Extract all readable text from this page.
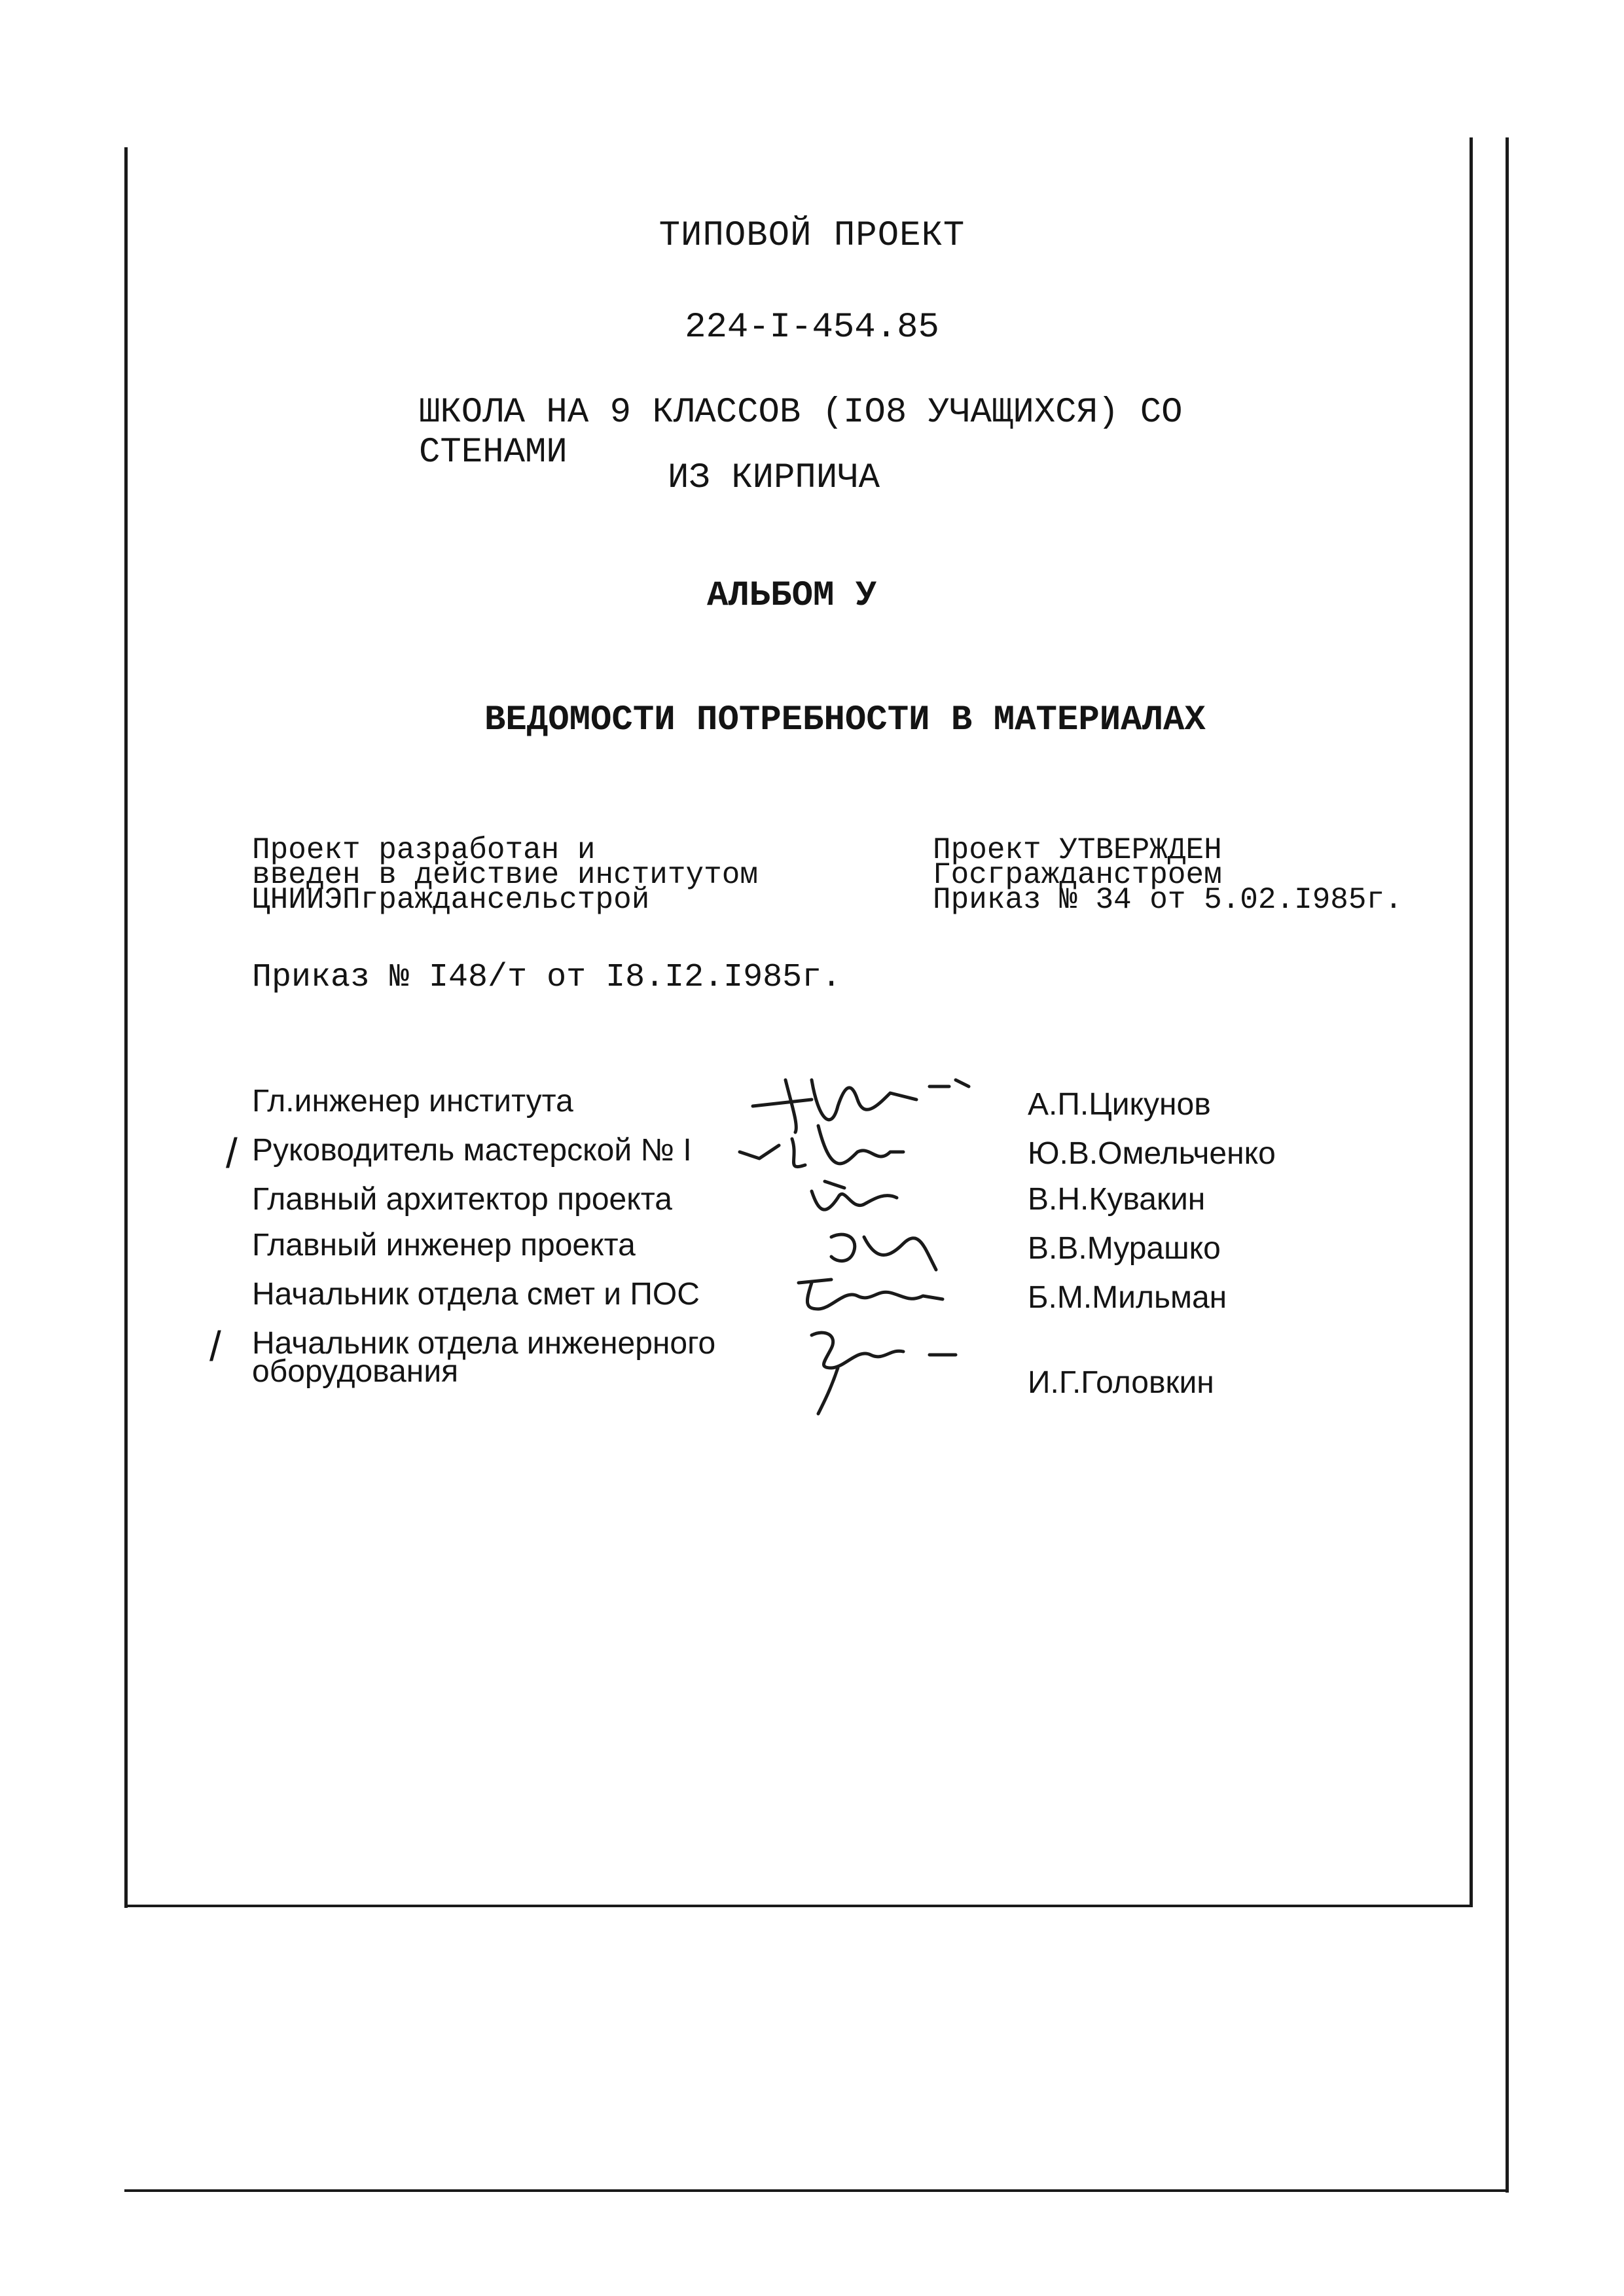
ТИПОВОЙ ПРОЕКТ
224-I-454.85
ШКОЛА НА 9 КЛАССОВ (IO8 УЧАЩИХСЯ) СО СТЕНАМИ
ИЗ КИРПИЧА
АЛЬБОМ У
ВЕДОМОСТИ ПОТРЕБНОСТИ В МАТЕРИАЛАХ
Проект разработан и
введен в действие институтом
ЦНИИЭПграждансельстрой
Приказ № I48/т от I8.I2.I985г.
Проект УТВЕРЖДЕН
Госгражданстроем
Приказ № 34 от 5.02.I985г.
Гл.инженер института	А.П.Цикунов
/ Руководитель мастерской № I	Ю.В.Омельченко
Главный архитектор проекта	В.Н.Кувакин
Главный инженер проекта	В.В.Мурашко
Начальник отдела смет и ПОС	Б.М.Мильман
/ Начальник отдела инженерного
оборудования	И.Г.Головкин
